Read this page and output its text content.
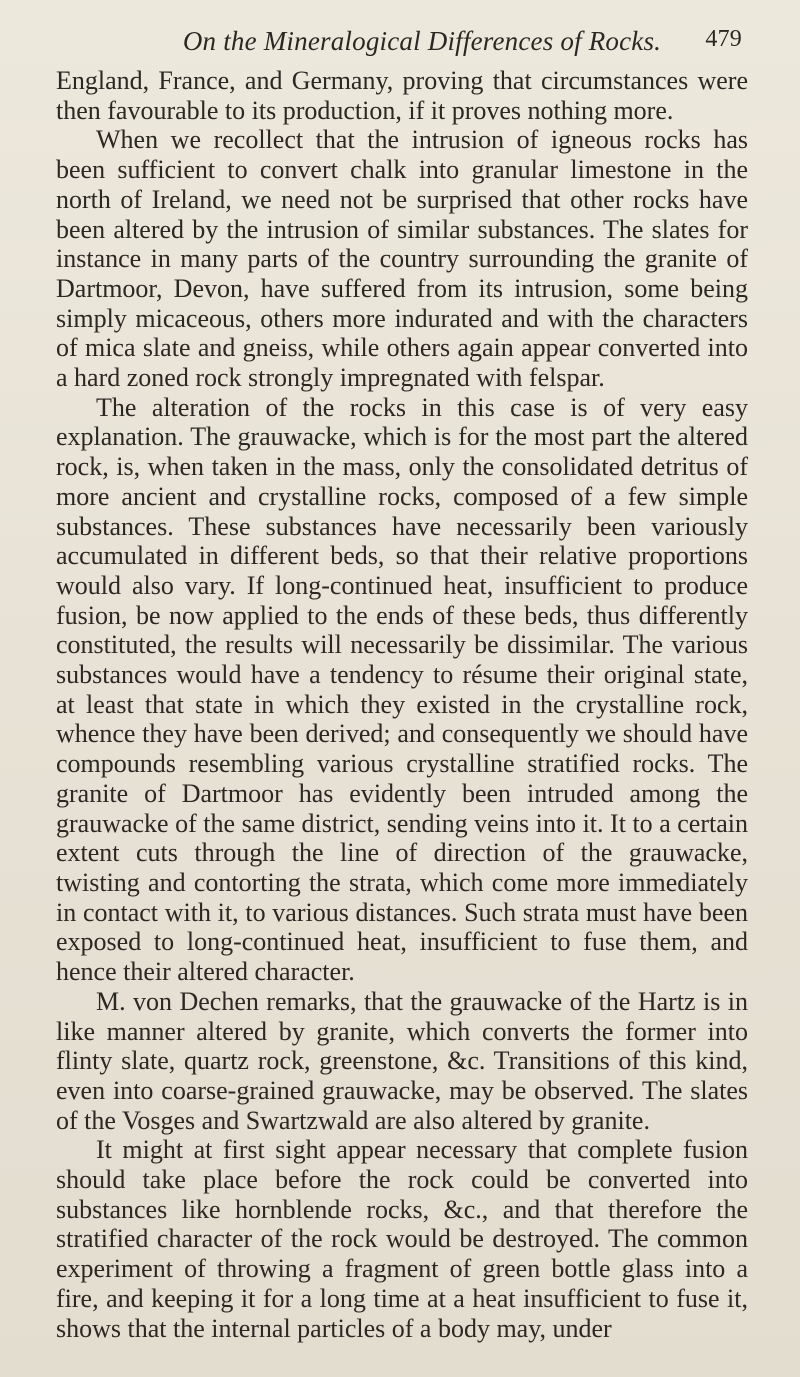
On the Mineralogical Differences of Rocks. 479

England, France, and Germany, proving that circumstances were then favourable to its production, if it proves nothing more.

When we recollect that the intrusion of igneous rocks has been sufficient to convert chalk into granular limestone in the north of Ireland, we need not be surprised that other rocks have been altered by the intrusion of similar substances. The slates for instance in many parts of the country surrounding the granite of Dartmoor, Devon, have suffered from its intrusion, some being simply micaceous, others more indurated and with the characters of mica slate and gneiss, while others again appear converted into a hard zoned rock strongly impregnated with felspar.

The alteration of the rocks in this case is of very easy explanation. The grauwacke, which is for the most part the altered rock, is, when taken in the mass, only the consolidated detritus of more ancient and crystalline rocks, composed of a few simple substances. These substances have necessarily been variously accumulated in different beds, so that their relative proportions would also vary. If long-continued heat, insufficient to produce fusion, be now applied to the ends of these beds, thus differently constituted, the results will necessarily be dissimilar. The various substances would have a tendency to résume their original state, at least that state in which they existed in the crystalline rock, whence they have been derived; and consequently we should have compounds resembling various crystalline stratified rocks. The granite of Dartmoor has evidently been intruded among the grauwacke of the same district, sending veins into it. It to a certain extent cuts through the line of direction of the grauwacke, twisting and contorting the strata, which come more immediately in contact with it, to various distances. Such strata must have been exposed to long-continued heat, insufficient to fuse them, and hence their altered character.

M. von Dechen remarks, that the grauwacke of the Hartz is in like manner altered by granite, which converts the former into flinty slate, quartz rock, greenstone, &c. Transitions of this kind, even into coarse-grained grauwacke, may be observed. The slates of the Vosges and Swartzwald are also altered by granite.

It might at first sight appear necessary that complete fusion should take place before the rock could be converted into substances like hornblende rocks, &c., and that therefore the stratified character of the rock would be destroyed. The common experiment of throwing a fragment of green bottle glass into a fire, and keeping it for a long time at a heat insufficient to fuse it, shows that the internal particles of a body may, under
